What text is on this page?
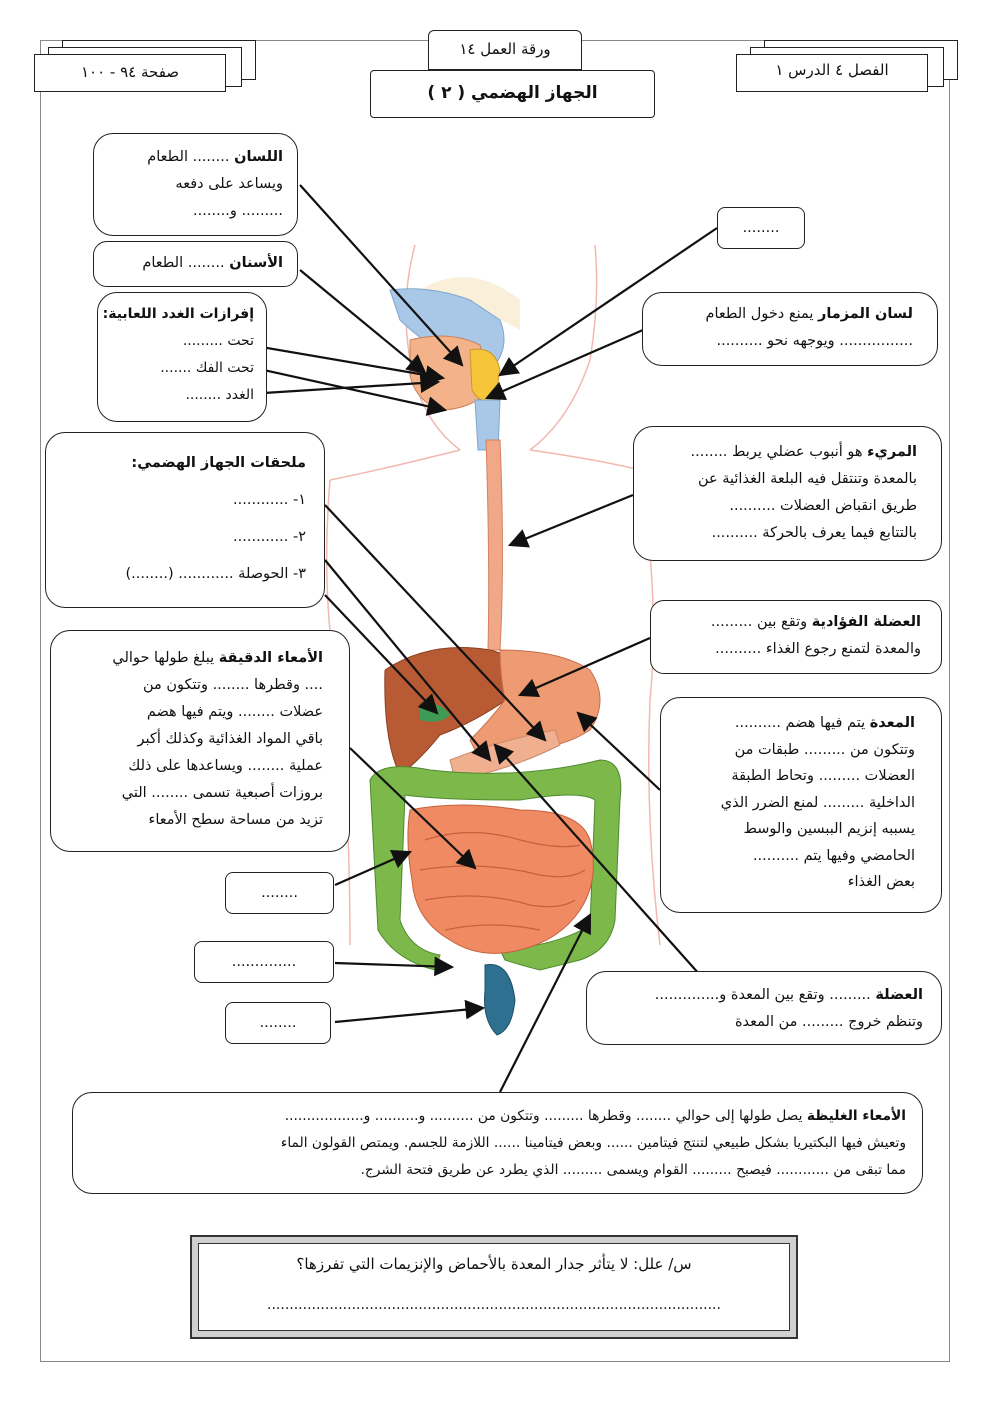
صفحة ٩٤ - ١٠٠	الفصل ٤ الدرس ١
ورقة العمل ١٤
الجهاز الهضمي ( ٢ )
اللسان ........ الطعام
ويساعد على دفعه
......... و........
الأسنان ........ الطعام
إفرازات الغدد اللعابية:
تحت .........
تحت الفك .......
الغدد ........
ملحقات الجهاز الهضمي:
١- ............
٢- ............
٣- الحوصلة ............ (........)
الأمعاء الدقيقة يبلغ طولها حوالي
.... وقطرها ........ وتتكون من
عضلات ........ ويتم فيها هضم
باقي المواد الغذائية وكذلك أكبر
عملية ........ ويساعدها على ذلك
بروزات أصبعية تسمى ........ التي
تزيد من مساحة سطح الأمعاء
........
..............
........
........
لسان المزمار يمنع دخول الطعام
................ ويوجهه نحو ..........
المريء هو أنبوب عضلي يربط ........
بالمعدة وتنتقل فيه البلعة الغذائية عن
طريق انقباض العضلات ..........
بالتتابع فيما يعرف بالحركة ..........
العضلة الفؤادية وتقع بين .........
والمعدة لتمنع رجوع الغذاء ..........
المعدة يتم فيها هضم ..........
وتتكون من ......... طبقات من
العضلات ......... وتحاط الطبقة
الداخلية ......... لمنع الضرر الذي
يسببه إنزيم الببسين والوسط
الحامضي وفيها يتم ..........
بعض الغذاء
العضلة ......... وتقع بين المعدة و..............
وتنظم خروج ......... من المعدة
الأمعاء الغليظة يصل طولها إلى حوالي ........ وقطرها ......... وتتكون من .......... و.......... و..................
وتعيش فيها البكتيريا بشكل طبيعي لتنتج فيتامين ...... وبعض فيتامينا ...... اللازمة للجسم. ويمتص القولون الماء
مما تبقى من ............ فيصبح ......... القوام ويسمى ......... الذي يطرد عن طريق فتحة الشرج.
س/ علل: لا يتأثر جدار المعدة بالأحماض والإنزيمات التي تفرزها؟
......................................................................................................
